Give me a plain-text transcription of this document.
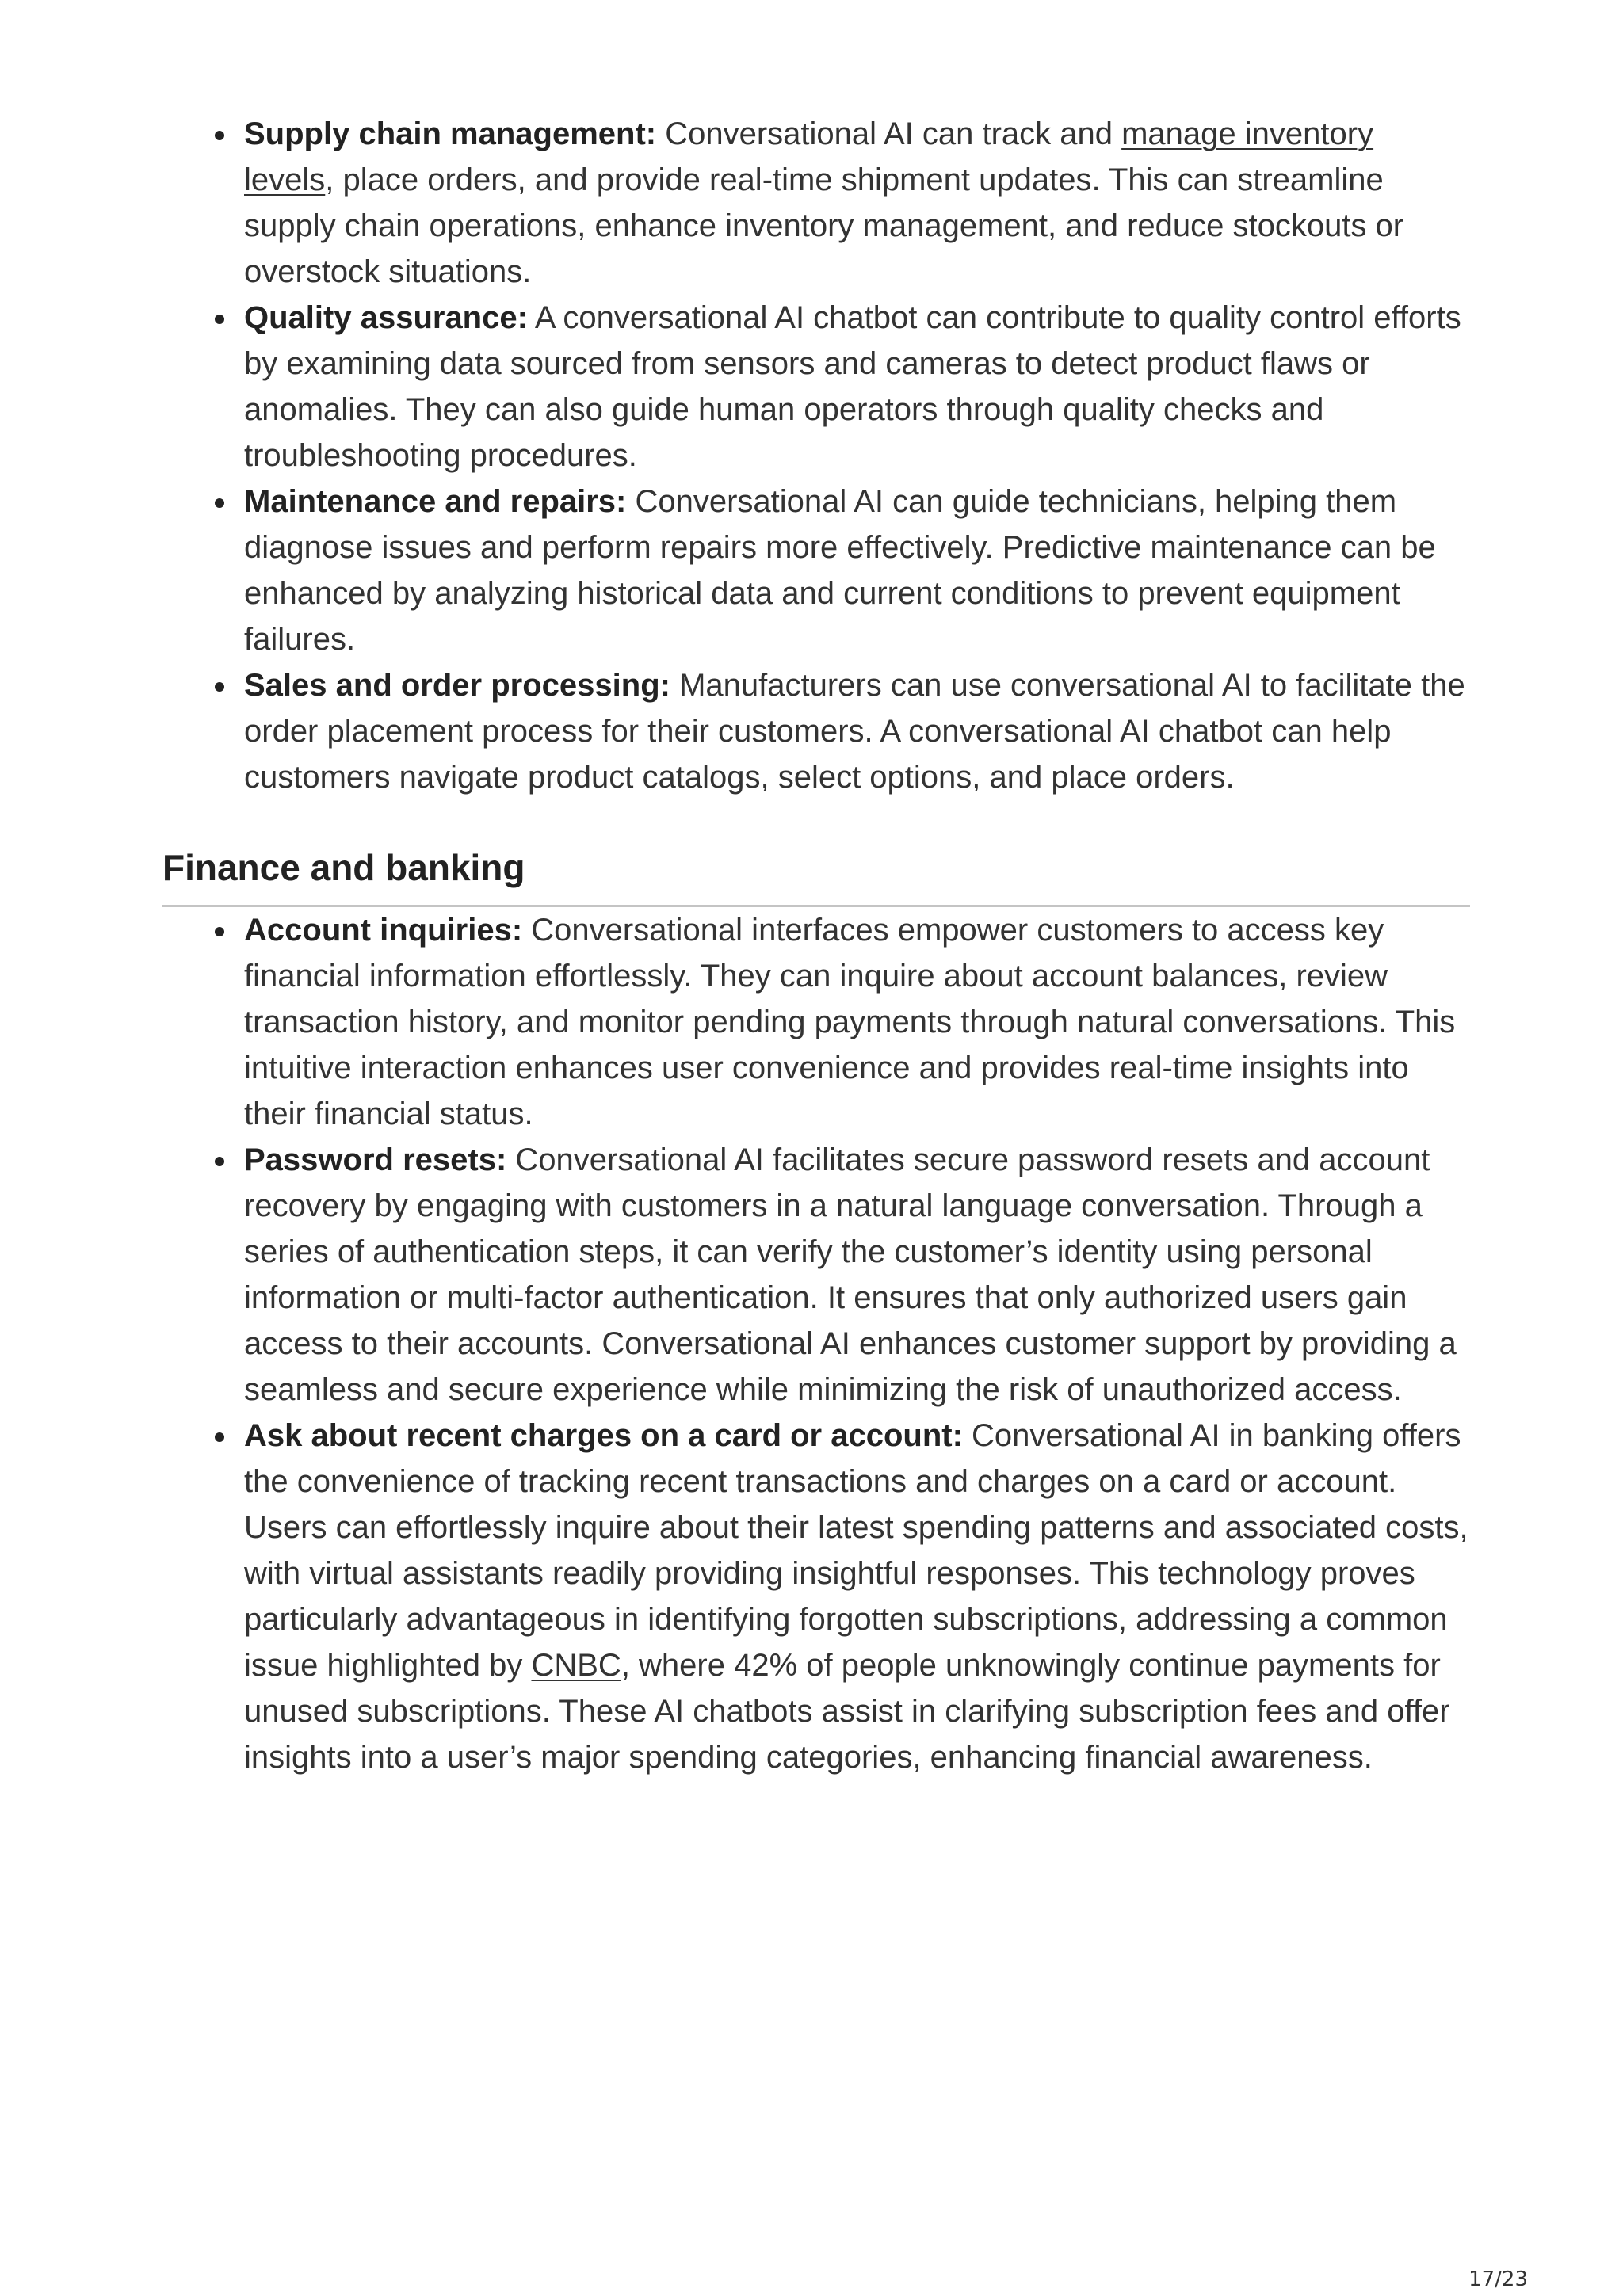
Supply chain management: Conversational AI can track and manage inventory levels, place orders, and provide real-time shipment updates. This can streamline supply chain operations, enhance inventory management, and reduce stockouts or overstock situations.
Quality assurance: A conversational AI chatbot can contribute to quality control efforts by examining data sourced from sensors and cameras to detect product flaws or anomalies. They can also guide human operators through quality checks and troubleshooting procedures.
Maintenance and repairs: Conversational AI can guide technicians, helping them diagnose issues and perform repairs more effectively. Predictive maintenance can be enhanced by analyzing historical data and current conditions to prevent equipment failures.
Sales and order processing: Manufacturers can use conversational AI to facilitate the order placement process for their customers. A conversational AI chatbot can help customers navigate product catalogs, select options, and place orders.
Finance and banking
Account inquiries: Conversational interfaces empower customers to access key financial information effortlessly. They can inquire about account balances, review transaction history, and monitor pending payments through natural conversations. This intuitive interaction enhances user convenience and provides real-time insights into their financial status.
Password resets: Conversational AI facilitates secure password resets and account recovery by engaging with customers in a natural language conversation. Through a series of authentication steps, it can verify the customer’s identity using personal information or multi-factor authentication. It ensures that only authorized users gain access to their accounts. Conversational AI enhances customer support by providing a seamless and secure experience while minimizing the risk of unauthorized access.
Ask about recent charges on a card or account: Conversational AI in banking offers the convenience of tracking recent transactions and charges on a card or account. Users can effortlessly inquire about their latest spending patterns and associated costs, with virtual assistants readily providing insightful responses. This technology proves particularly advantageous in identifying forgotten subscriptions, addressing a common issue highlighted by CNBC, where 42% of people unknowingly continue payments for unused subscriptions. These AI chatbots assist in clarifying subscription fees and offer insights into a user’s major spending categories, enhancing financial awareness.
17/23
